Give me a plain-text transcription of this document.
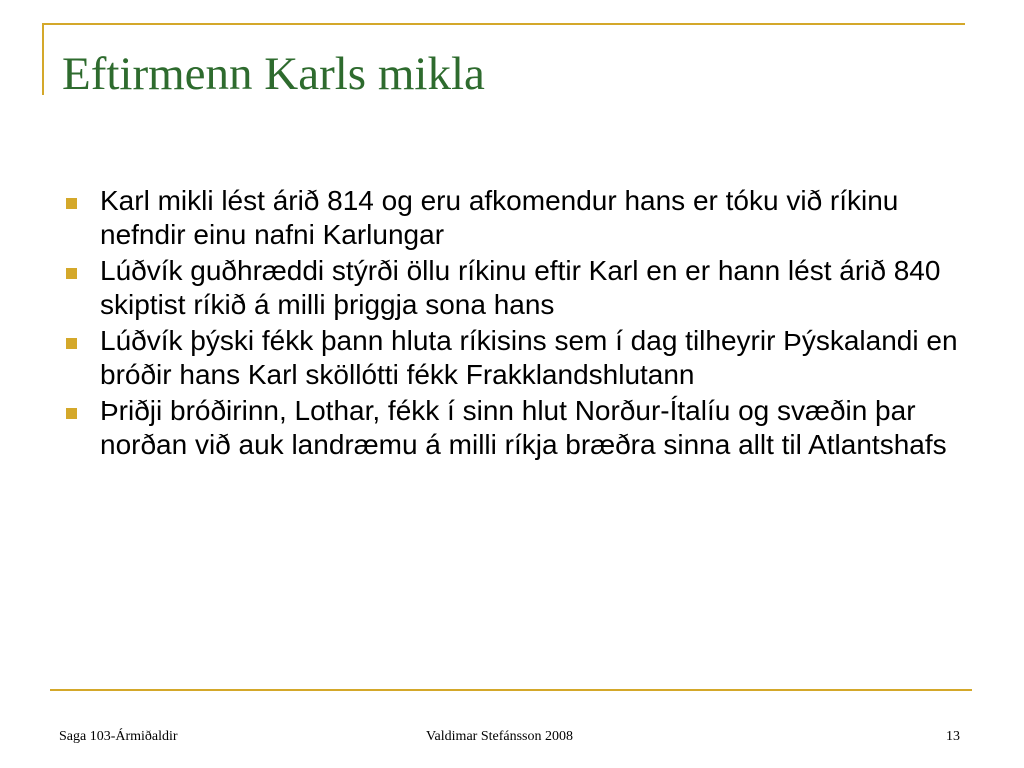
Eftirmenn Karls mikla
Karl mikli lést árið 814 og eru afkomendur hans er tóku við ríkinu nefndir einu nafni Karlungar
Lúðvík guðhræddi stýrði öllu ríkinu eftir Karl en er hann lést árið 840 skiptist ríkið á milli þriggja sona hans
Lúðvík þýski fékk þann hluta ríkisins sem í dag tilheyrir Þýskalandi en bróðir hans Karl sköllótti fékk Frakklandshlutann
Þriðji bróðirinn, Lothar, fékk í sinn hlut Norður-Ítalíu og svæðin þar norðan við auk landræmu á milli ríkja bræðra sinna allt til Atlantshafs
Saga 103-Ármiðaldir	Valdimar Stefánsson 2008	13
